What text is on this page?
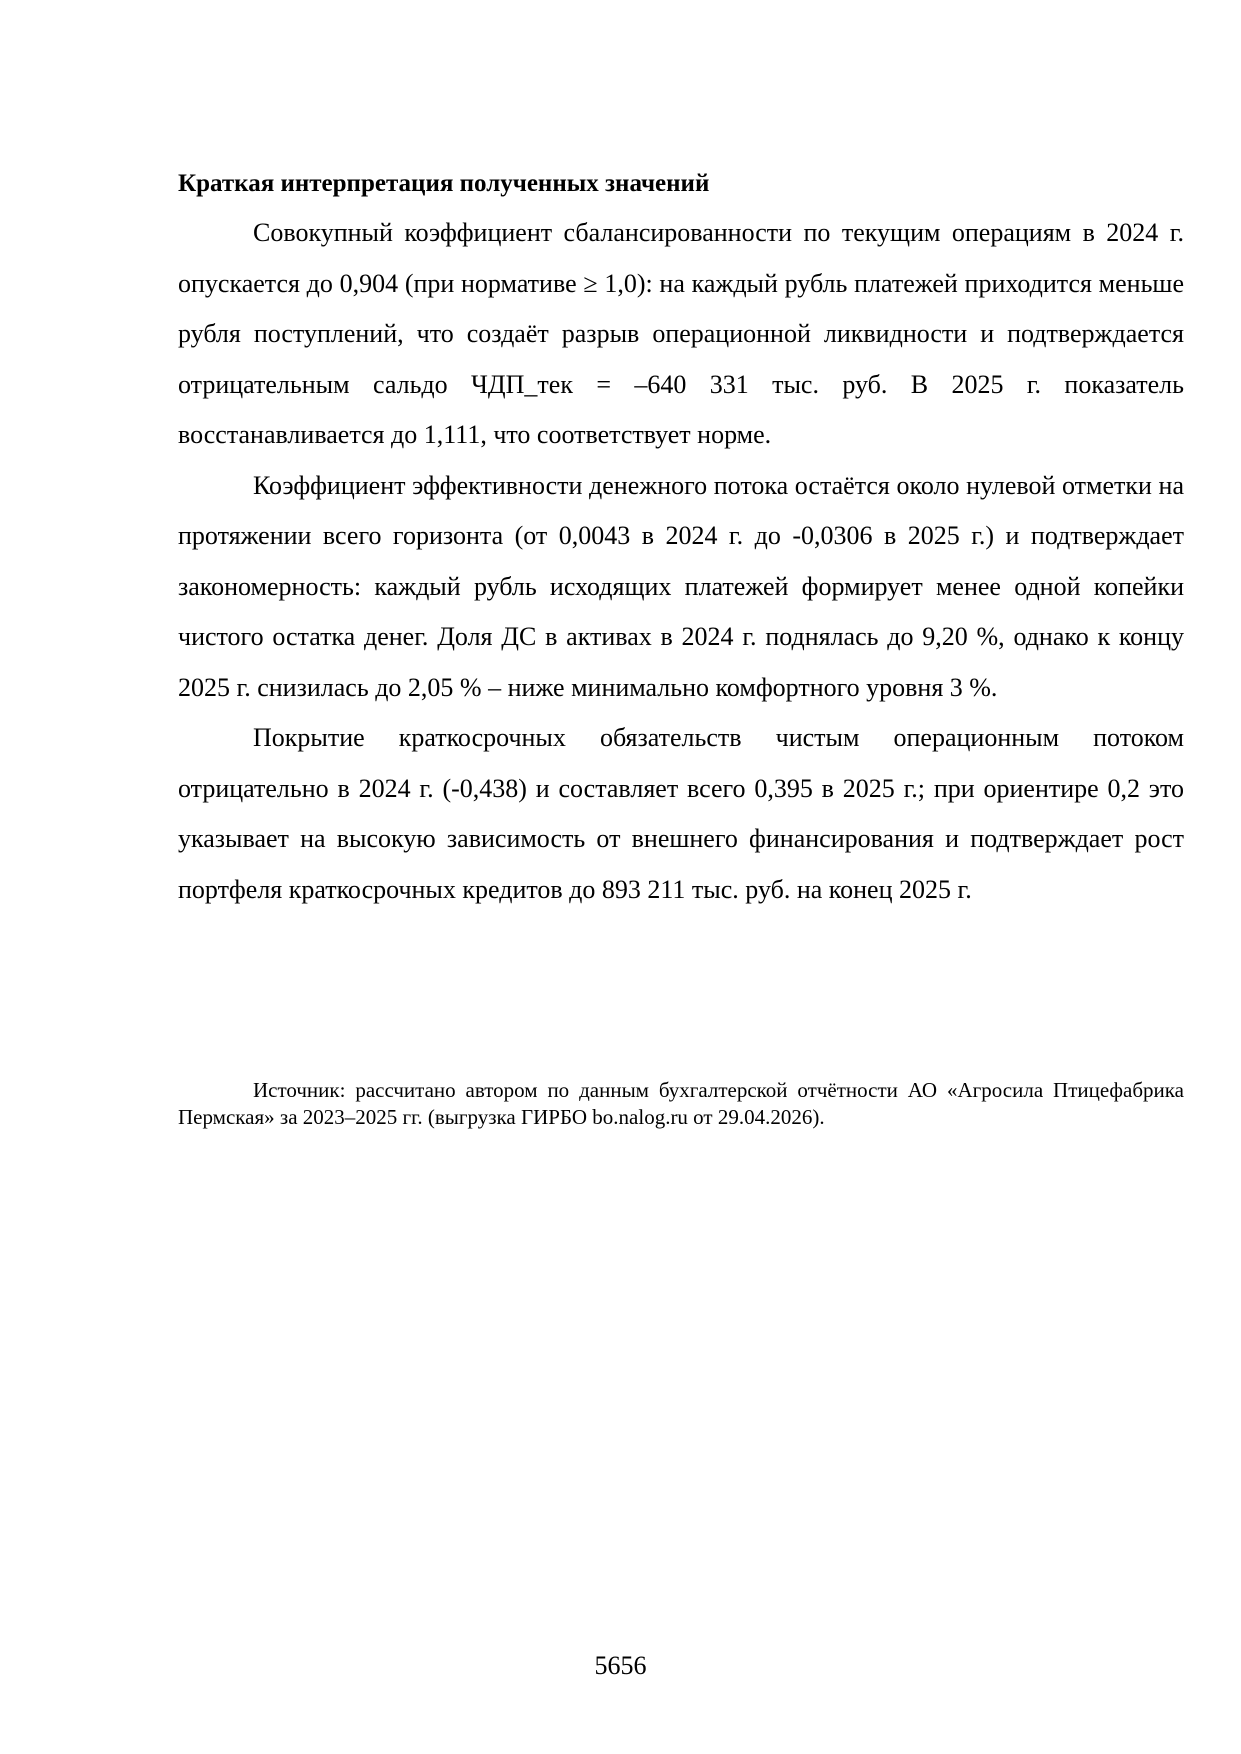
Краткая интерпретация полученных значений

Совокупный коэффициент сбалансированности по текущим операциям в 2024 г. опускается до 0,904 (при нормативе ≥ 1,0): на каждый рубль платежей приходится меньше рубля поступлений, что создаёт разрыв операционной ликвидности и подтверждается отрицательным сальдо ЧДП_тек = –640 331 тыс. руб. В 2025 г. показатель восстанавливается до 1,111, что соответствует норме.

Коэффициент эффективности денежного потока остаётся около нулевой отметки на протяжении всего горизонта (от 0,0043 в 2024 г. до -0,0306 в 2025 г.) и подтверждает закономерность: каждый рубль исходящих платежей формирует менее одной копейки чистого остатка денег. Доля ДС в активах в 2024 г. поднялась до 9,20 %, однако к концу 2025 г. снизилась до 2,05 % – ниже минимально комфортного уровня 3 %.

Покрытие краткосрочных обязательств чистым операционным потоком отрицательно в 2024 г. (-0,438) и составляет всего 0,395 в 2025 г.; при ориентире 0,2 это указывает на высокую зависимость от внешнего финансирования и подтверждает рост портфеля краткосрочных кредитов до 893 211 тыс. руб. на конец 2025 г.

Источник: рассчитано автором по данным бухгалтерской отчётности АО «Агросила Птицефабрика Пермская» за 2023–2025 гг. (выгрузка ГИРБО bo.nalog.ru от 29.04.2026).

5656
